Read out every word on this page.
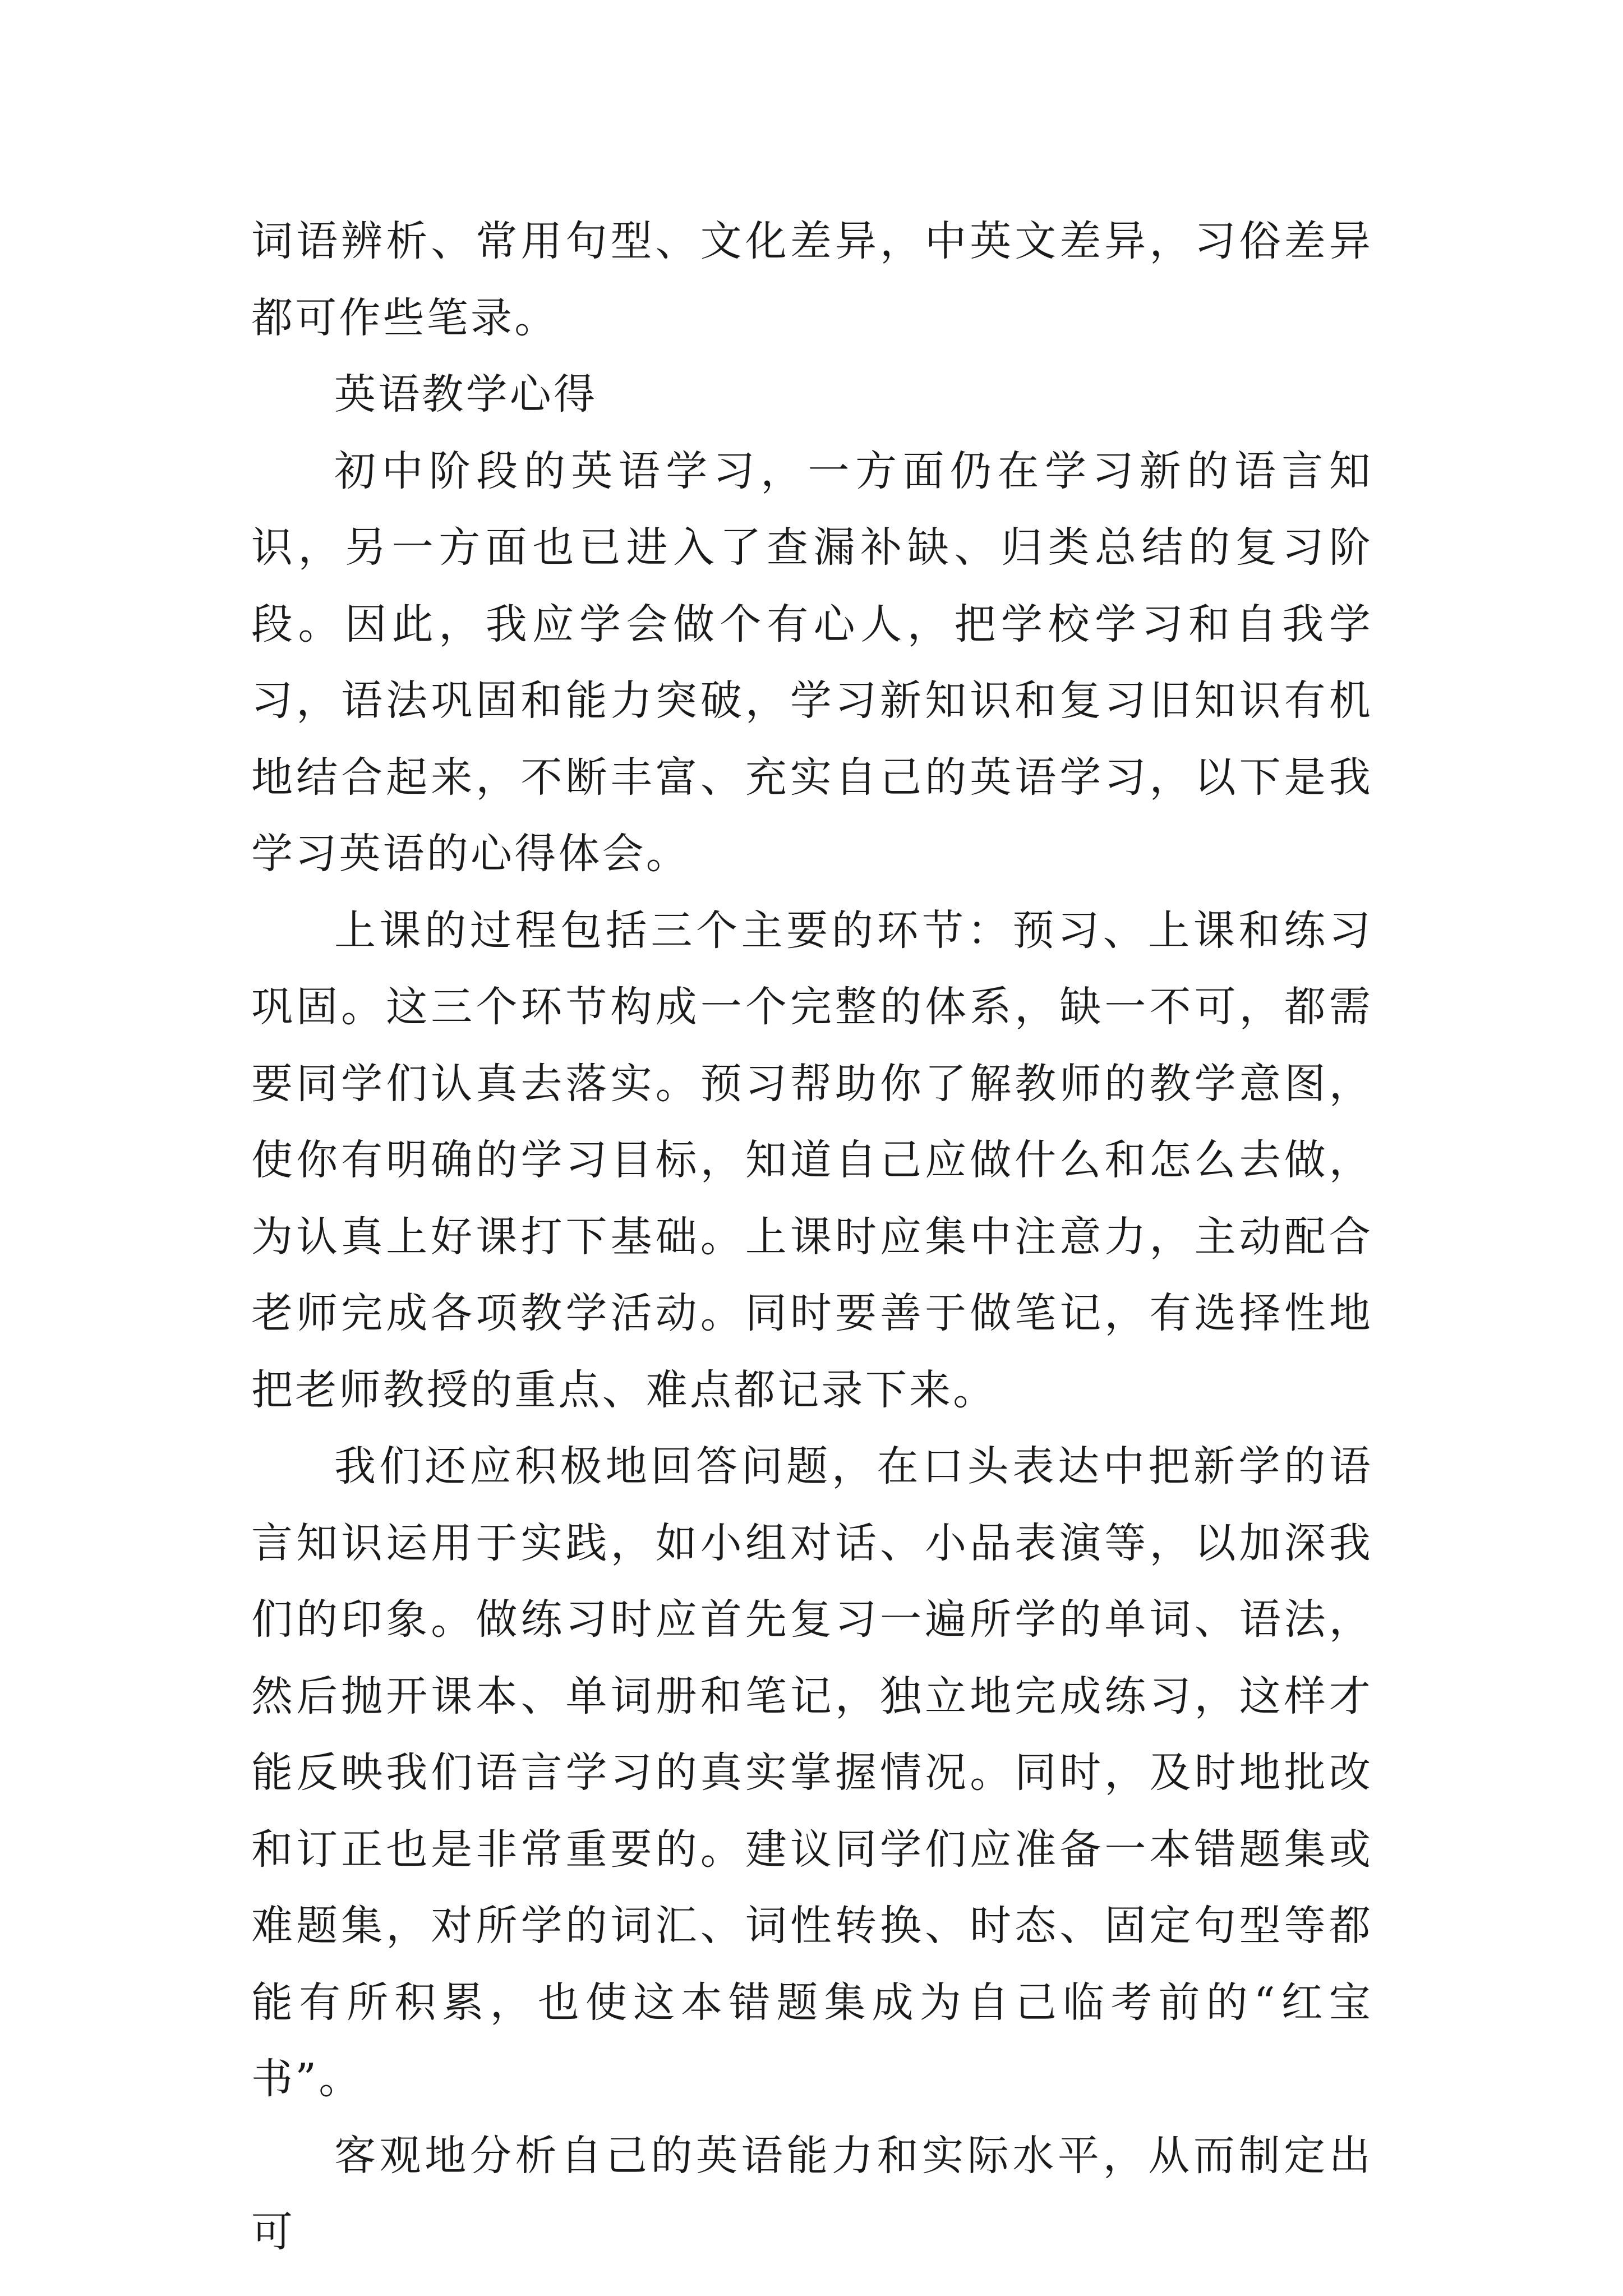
词语辨析、常用句型、文化差异，中英文差异，习俗差异都可作些笔录。

英语教学心得

初中阶段的英语学习，一方面仍在学习新的语言知识，另一方面也已进入了查漏补缺、归类总结的复习阶段。因此，我应学会做个有心人，把学校学习和自我学习，语法巩固和能力突破，学习新知识和复习旧知识有机地结合起来，不断丰富、充实自己的英语学习，以下是我学习英语的心得体会。

上课的过程包括三个主要的环节：预习、上课和练习巩固。这三个环节构成一个完整的体系，缺一不可，都需要同学们认真去落实。预习帮助你了解教师的教学意图，使你有明确的学习目标，知道自己应做什么和怎么去做，为认真上好课打下基础。上课时应集中注意力，主动配合老师完成各项教学活动。同时要善于做笔记，有选择性地把老师教授的重点、难点都记录下来。

我们还应积极地回答问题，在口头表达中把新学的语言知识运用于实践，如小组对话、小品表演等，以加深我们的印象。做练习时应首先复习一遍所学的单词、语法，然后抛开课本、单词册和笔记，独立地完成练习，这样才能反映我们语言学习的真实掌握情况。同时，及时地批改和订正也是非常重要的。建议同学们应准备一本错题集或难题集，对所学的词汇、词性转换、时态、固定句型等都能有所积累，也使这本错题集成为自己临考前的“红宝书”。

客观地分析自己的英语能力和实际水平，从而制定出可
